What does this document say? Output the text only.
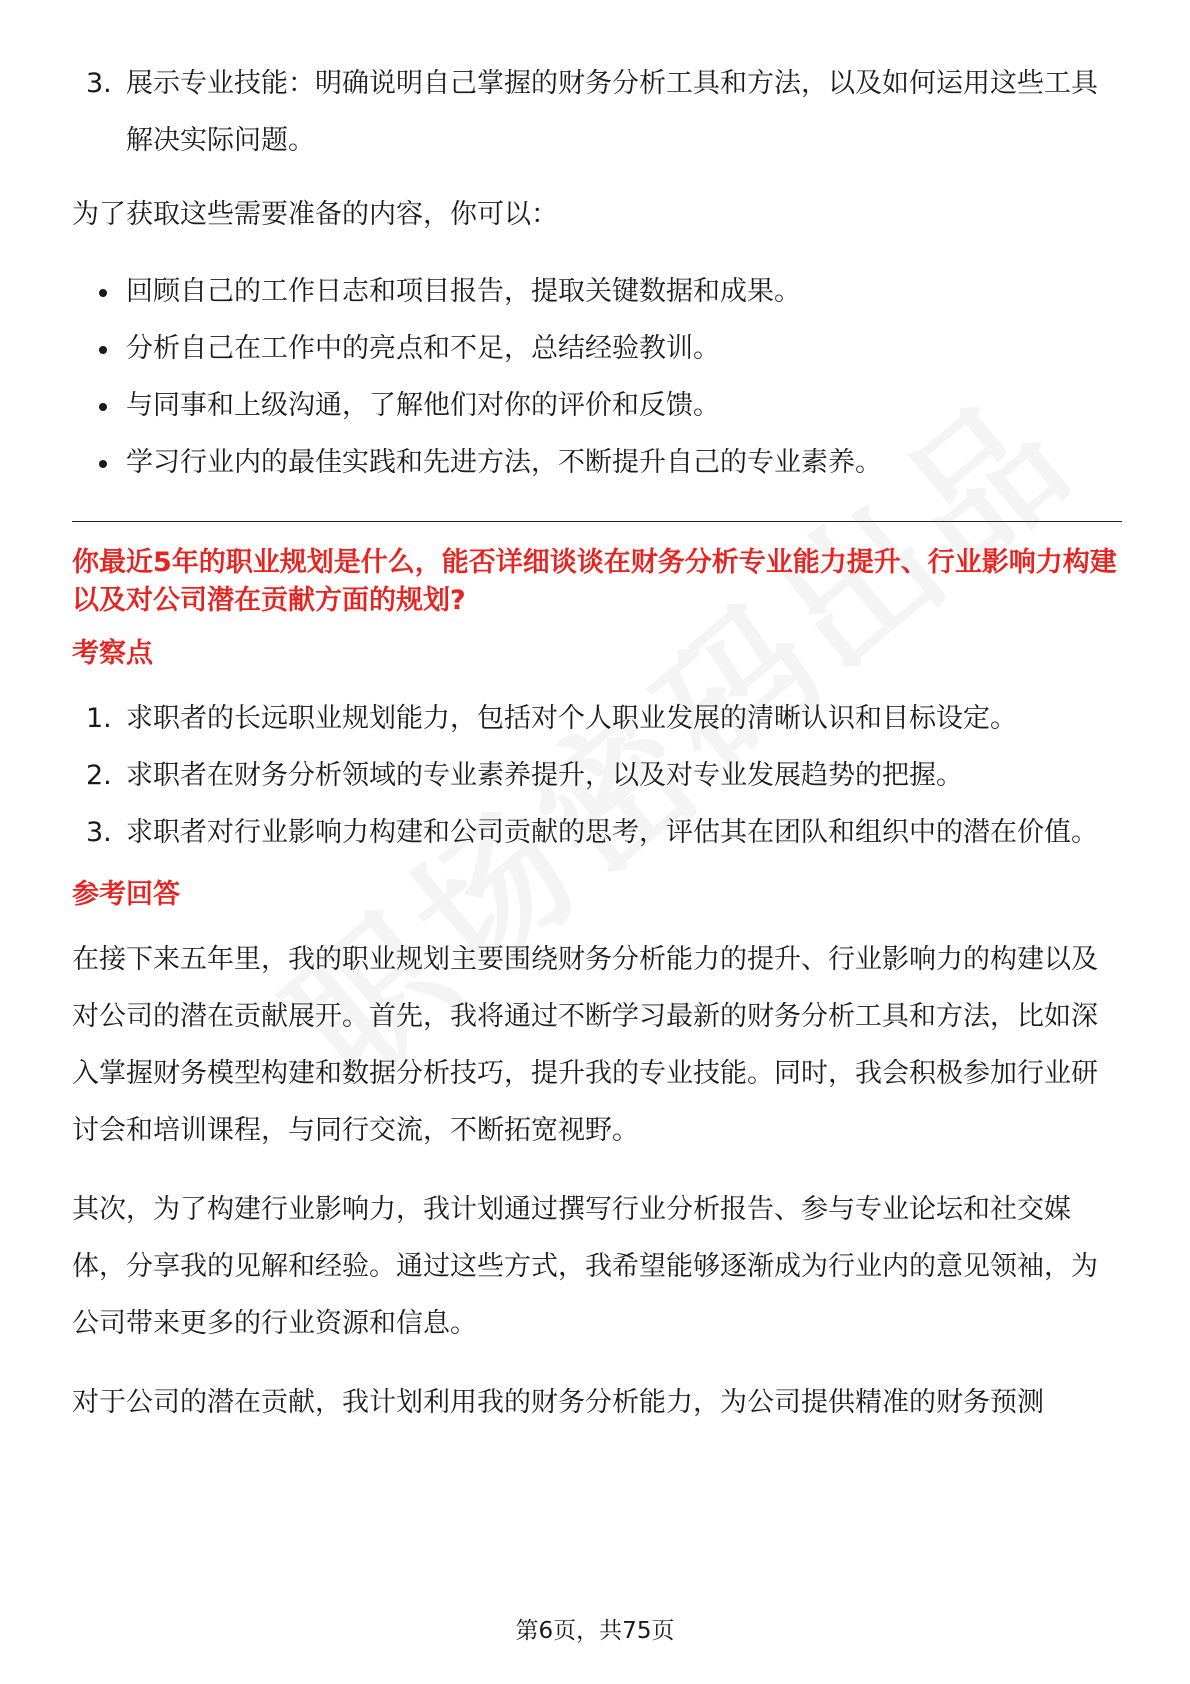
3. 展示专业技能：明确说明自己掌握的财务分析工具和方法，以及如何运用这些工具解决实际问题。

为了获取这些需要准备的内容，你可以：

回顾自己的工作日志和项目报告，提取关键数据和成果。
分析自己在工作中的亮点和不足，总结经验教训。
与同事和上级沟通，了解他们对你的评价和反馈。
学习行业内的最佳实践和先进方法，不断提升自己的专业素养。
你最近5年的职业规划是什么，能否详细谈谈在财务分析专业能力提升、行业影响力构建以及对公司潜在贡献方面的规划?
考察点
1. 求职者的长远职业规划能力，包括对个人职业发展的清晰认识和目标设定。
2. 求职者在财务分析领域的专业素养提升，以及对专业发展趋势的把握。
3. 求职者对行业影响力构建和公司贡献的思考，评估其在团队和组织中的潜在价值。
参考回答

在接下来五年里，我的职业规划主要围绕财务分析能力的提升、行业影响力的构建以及对公司的潜在贡献展开。首先，我将通过不断学习最新的财务分析工具和方法，比如深入掌握财务模型构建和数据分析技巧，提升我的专业技能。同时，我会积极参加行业研讨会和培训课程，与同行交流，不断拓宽视野。

其次，为了构建行业影响力，我计划通过撰写行业分析报告、参与专业论坛和社交媒体，分享我的见解和经验。通过这些方式，我希望能够逐渐成为行业内的意见领袖，为公司带来更多的行业资源和信息。

对于公司的潜在贡献，我计划利用我的财务分析能力，为公司提供精准的财务预测

第6页，共75页
